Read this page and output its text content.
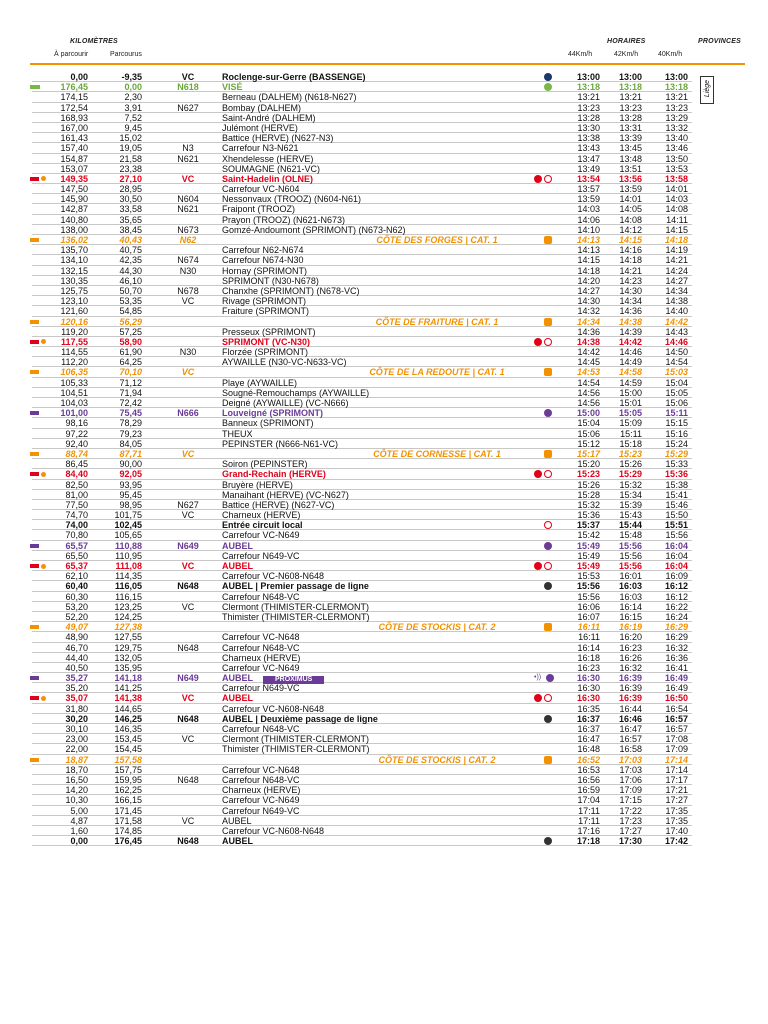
KILOMÈTRES
À parcourir	Parcourus
HORAIRES	PROVINCES
44Km/h	42Km/h	40Km/h
Liège
0,00	-9,35	VC	Roclenge-sur-Gerre (BASSENGE)	13:00	13:00	13:00
176,45	0,00	N618	VISÉ	13:18	13:18	13:18
174,15	2,30	Berneau (DALHEM) (N618-N627)	13:21	13:21	13:21
172,54	3,91	N627	Bombay (DALHEM)	13:23	13:23	13:23
168,93	7,52	Saint-André (DALHEM)	13:28	13:28	13:29
167,00	9,45	Julémont (HERVE)	13:30	13:31	13:32
161,43	15,02	Battice (HERVE) (N627-N3)	13:38	13:39	13:40
157,40	19,05	N3	Carrefour N3-N621	13:43	13:45	13:46
154,87	21,58	N621	Xhendelesse (HERVE)	13:47	13:48	13:50
153,07	23,38	SOUMAGNE (N621-VC)	13:49	13:51	13:53
149,35	27,10	VC	Saint-Hadelin (OLNE)	13:54	13:56	13:58
147,50	28,95	Carrefour VC-N604	13:57	13:59	14:01
145,90	30,50	N604	Nessonvaux (TROOZ) (N604-N61)	13:59	14:01	14:03
142,87	33,58	N621	Fraipont (TROOZ)	14:03	14:05	14:08
140,80	35,65	Prayon (TROOZ) (N621-N673)	14:06	14:08	14:11
138,00	38,45	N673	Gomzé-Andoumont (SPRIMONT) (N673-N62)	14:10	14:12	14:15
136,02	40,43	N62	CÔTE DES FORGES | CAT. 1	14:13	14:15	14:18
135,70	40,75	Carrefour N62-N674	14:13	14:16	14:19
134,10	42,35	N674	Carrefour N674-N30	14:15	14:18	14:21
132,15	44,30	N30	Hornay (SPRIMONT)	14:18	14:21	14:24
130,35	46,10	SPRIMONT (N30-N678)	14:20	14:23	14:27
125,75	50,70	N678	Chanxhe (SPRIMONT) (N678-VC)	14:27	14:30	14:34
123,10	53,35	VC	Rivage (SPRIMONT)	14:30	14:34	14:38
121,60	54,85	Fraiture (SPRIMONT)	14:32	14:36	14:40
120,16	56,29	CÔTE DE FRAITURE | CAT. 1	14:34	14:38	14:42
119,20	57,25	Presseux (SPRIMONT)	14:36	14:39	14:43
117,55	58,90	SPRIMONT (VC-N30)	14:38	14:42	14:46
114,55	61,90	N30	Florzée (SPRIMONT)	14:42	14:46	14:50
112,20	64,25	AYWAILLE (N30-VC-N633-VC)	14:45	14:49	14:54
106,35	70,10	VC	CÔTE DE LA REDOUTE | CAT. 1	14:53	14:58	15:03
105,33	71,12	Playe (AYWAILLE)	14:54	14:59	15:04
104,51	71,94	Sougné-Remouchamps (AYWAILLE)	14:56	15:00	15:05
104,03	72,42	Deigné (AYWAILLE) (VC-N666)	14:56	15:01	15:06
101,00	75,45	N666	Louveigné (SPRIMONT)	15:00	15:05	15:11
98,16	78,29	Banneux (SPRIMONT)	15:04	15:09	15:15
97,22	79,23	THEUX	15:06	15:11	15:16
92,40	84,05	PEPINSTER (N666-N61-VC)	15:12	15:18	15:24
88,74	87,71	VC	CÔTE DE CORNESSE | CAT. 1	15:17	15:23	15:29
86,45	90,00	Soiron (PEPINSTER)	15:20	15:26	15:33
84,40	92,05	Grand-Rechain (HERVE)	15:23	15:29	15:36
82,50	93,95	Bruyère (HERVE)	15:26	15:32	15:38
81,00	95,45	Manaihant (HERVE) (VC-N627)	15:28	15:34	15:41
77,50	98,95	N627	Battice (HERVE) (N627-VC)	15:32	15:39	15:46
74,70	101,75	VC	Charneux (HERVE)	15:36	15:43	15:50
74,00	102,45	Entrée circuit local	15:37	15:44	15:51
70,80	105,65	Carrefour VC-N649	15:42	15:48	15:56
65,57	110,88	N649	AUBEL	15:49	15:56	16:04
65,50	110,95	Carrefour N649-VC	15:49	15:56	16:04
65,37	111,08	VC	AUBEL	15:49	15:56	16:04
62,10	114,35	Carrefour VC-N608-N648	15:53	16:01	16:09
60,40	116,05	N648	AUBEL | Premier passage de ligne	15:56	16:03	16:12
60,30	116,15	Carrefour N648-VC	15:56	16:03	16:12
53,20	123,25	VC	Clermont (THIMISTER-CLERMONT)	16:06	16:14	16:22
52,20	124,25	Thimister (THIMISTER-CLERMONT)	16:07	16:15	16:24
49,07	127,38	CÔTE DE STOCKIS | CAT. 2	16:11	16:19	16:29
48,90	127,55	Carrefour VC-N648	16:11	16:20	16:29
46,70	129,75	N648	Carrefour N648-VC	16:14	16:23	16:32
44,40	132,05	Charneux (HERVE)	16:18	16:26	16:36
40,50	135,95	Carrefour VC-N649	16:23	16:32	16:41
35,27	141,18	N649	AUBEL	PROXIMUS	•))	16:30	16:39	16:49
35,20	141,25	Carrefour N649-VC	16:30	16:39	16:49
35,07	141,38	VC	AUBEL	16:30	16:39	16:50
31,80	144,65	Carrefour VC-N608-N648	16:35	16:44	16:54
30,20	146,25	N648	AUBEL | Deuxième passage de ligne	16:37	16:46	16:57
30,10	146,35	Carrefour N648-VC	16:37	16:47	16:57
23,00	153,45	VC	Clermont (THIMISTER-CLERMONT)	16:47	16:57	17:08
22,00	154,45	Thimister (THIMISTER-CLERMONT)	16:48	16:58	17:09
18,87	157,58	CÔTE DE STOCKIS | CAT. 2	16:52	17:03	17:14
18,70	157,75	Carrefour VC-N648	16:53	17:03	17:14
16,50	159,95	N648	Carrefour N648-VC	16:56	17:06	17:17
14,20	162,25	Charneux (HERVE)	16:59	17:09	17:21
10,30	166,15	Carrefour VC-N649	17:04	17:15	17:27
5,00	171,45	Carrefour N649-VC	17:11	17:22	17:35
4,87	171,58	VC	AUBEL	17:11	17:23	17:35
1,60	174,85	Carrefour VC-N608-N648	17:16	17:27	17:40
0,00	176,45	N648	AUBEL	17:18	17:30	17:42
